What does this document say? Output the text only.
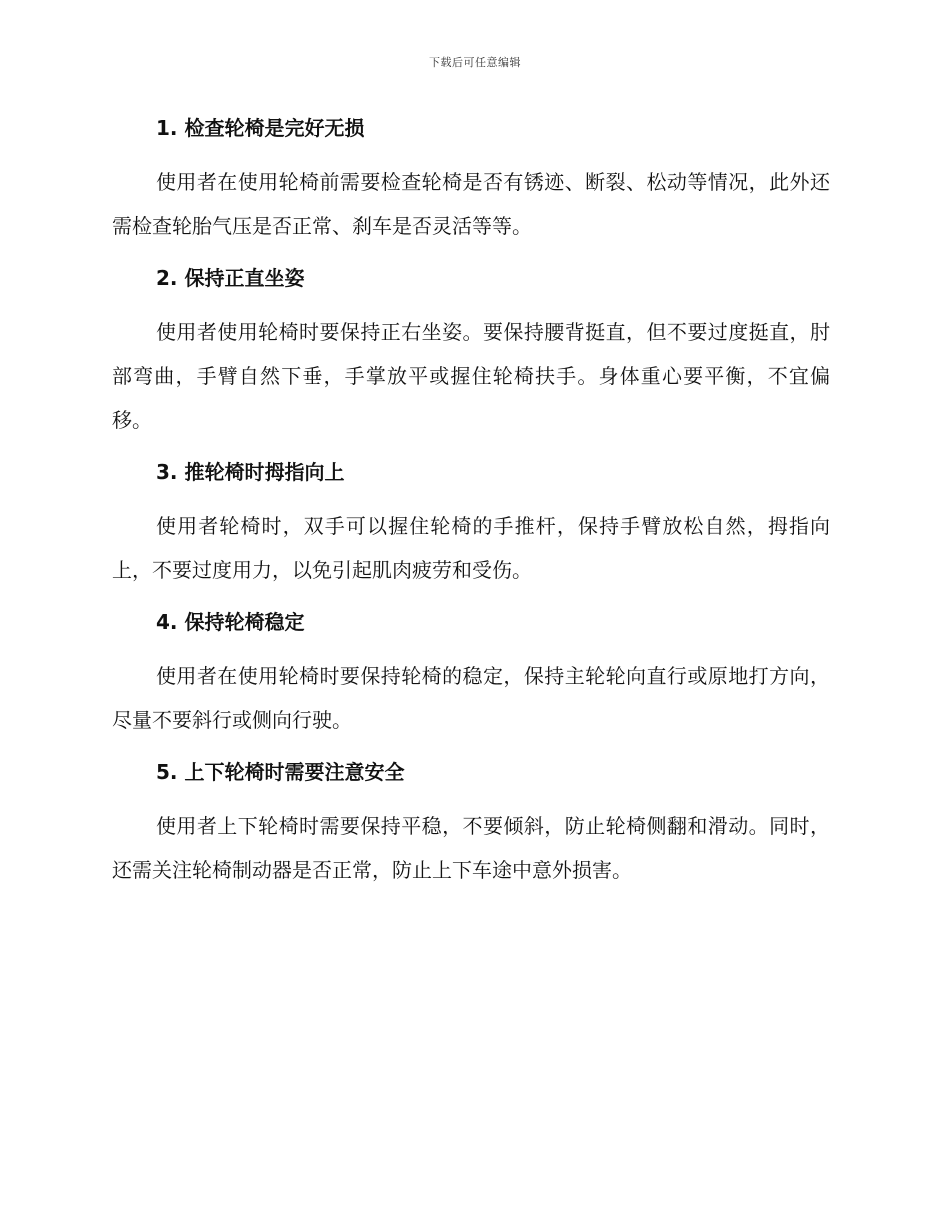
下载后可任意编辑
1. 检查轮椅是完好无损

使用者在使用轮椅前需要检查轮椅是否有锈迹、断裂、松动等情况，此外还需检查轮胎气压是否正常、刹车是否灵活等等。

2. 保持正直坐姿

使用者使用轮椅时要保持正右坐姿。要保持腰背挺直，但不要过度挺直，肘部弯曲，手臂自然下垂，手掌放平或握住轮椅扶手。身体重心要平衡，不宜偏移。

3. 推轮椅时拇指向上

使用者轮椅时，双手可以握住轮椅的手推杆，保持手臂放松自然，拇指向上，不要过度用力，以免引起肌肉疲劳和受伤。

4. 保持轮椅稳定

使用者在使用轮椅时要保持轮椅的稳定，保持主轮轮向直行或原地打方向，尽量不要斜行或侧向行驶。

5. 上下轮椅时需要注意安全

使用者上下轮椅时需要保持平稳，不要倾斜，防止轮椅侧翻和滑动。同时，还需关注轮椅制动器是否正常，防止上下车途中意外损害。
